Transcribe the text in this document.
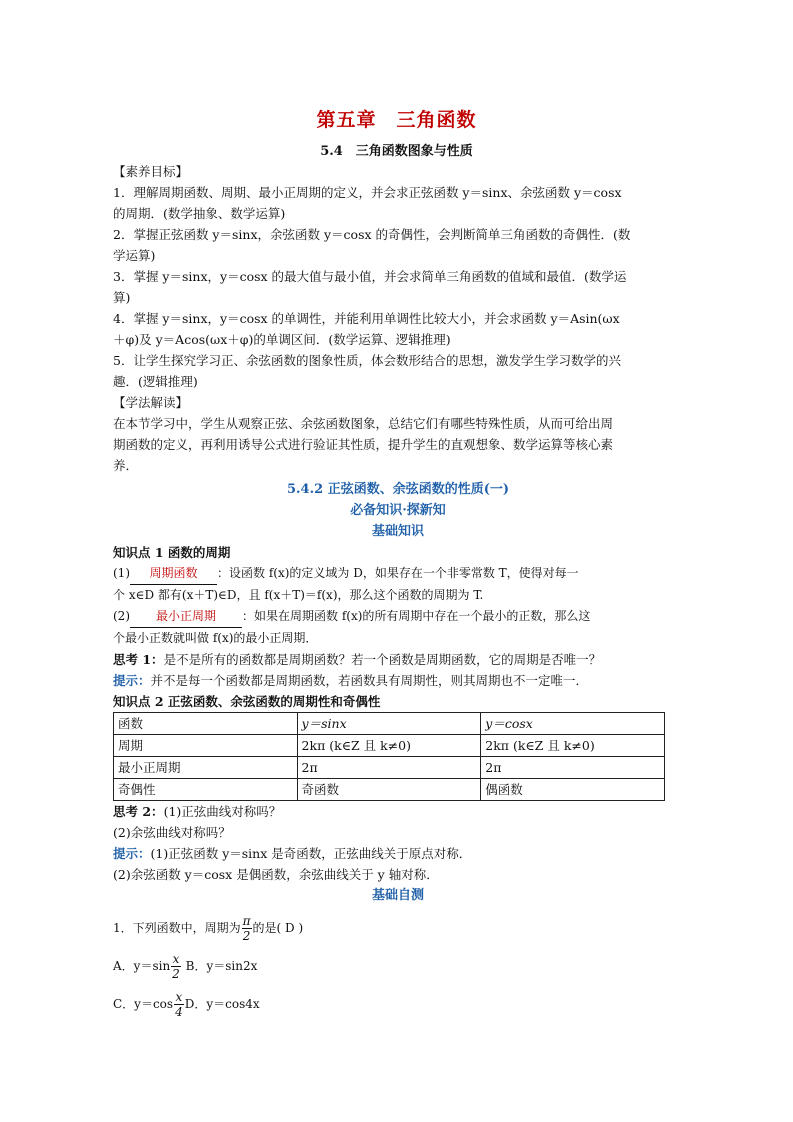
第五章　三角函数
5.4　三角函数图象与性质

【素养目标】

1．理解周期函数、周期、最小正周期的定义，并会求正弦函数 y＝sinx、余弦函数 y＝cosx

的周期．(数学抽象、数学运算)

2．掌握正弦函数 y＝sinx，余弦函数 y＝cosx 的奇偶性，会判断简单三角函数的奇偶性．(数

学运算)

3．掌握 y＝sinx，y＝cosx 的最大值与最小值，并会求简单三角函数的值域和最值．(数学运

算)

4．掌握 y＝sinx，y＝cosx 的单调性，并能利用单调性比较大小，并会求函数 y＝Asin(ωx

＋φ)及 y＝Acos(ωx＋φ)的单调区间．(数学运算、逻辑推理)

5．让学生探究学习正、余弦函数的图象性质，体会数形结合的思想，激发学生学习数学的兴

趣．(逻辑推理)

【学法解读】

在本节学习中，学生从观察正弦、余弦函数图象，总结它们有哪些特殊性质，从而可给出周

期函数的定义，再利用诱导公式进行验证其性质，提升学生的直观想象、数学运算等核心素

养．

5.4.2 正弦函数、余弦函数的性质(一)

必备知识·探新知

基础知识

知识点 1 函数的周期

(1) 周期函数 ：设函数 f(x)的定义域为 D，如果存在一个非零常数 T，使得对每一

个 x∈D 都有(x＋T)∈D，且 f(x＋T)＝f(x)，那么这个函数的周期为 T.

(2) 最小正周期 ：如果在周期函数 f(x)的所有周期中存在一个最小的正数，那么这

个最小正数就叫做 f(x)的最小正周期．

思考 1：是不是所有的函数都是周期函数？若一个函数是周期函数，它的周期是否唯一？

提示：并不是每一个函数都是周期函数，若函数具有周期性，则其周期也不一定唯一．

知识点 2 正弦函数、余弦函数的周期性和奇偶性

函数	y＝sinx	y＝cosx
周期	2kπ (k∈Z 且 k≠0)	2kπ (k∈Z 且 k≠0)
最小正周期	2π	2π
奇偶性	奇函数	偶函数

思考 2：(1)正弦曲线对称吗？

(2)余弦曲线对称吗？

提示：(1)正弦函数 y＝sinx 是奇函数，正弦曲线关于原点对称．

(2)余弦函数 y＝cosx 是偶函数，余弦曲线关于 y 轴对称．

基础自测

1．下列函数中，周期为 $\frac{\pi}{2}$ 的是( D )

A．$y=\sin \frac{x}{2}$ B．y＝sin2x

C．$y=\cos \frac{x}{4}$ D．y＝cos4x
